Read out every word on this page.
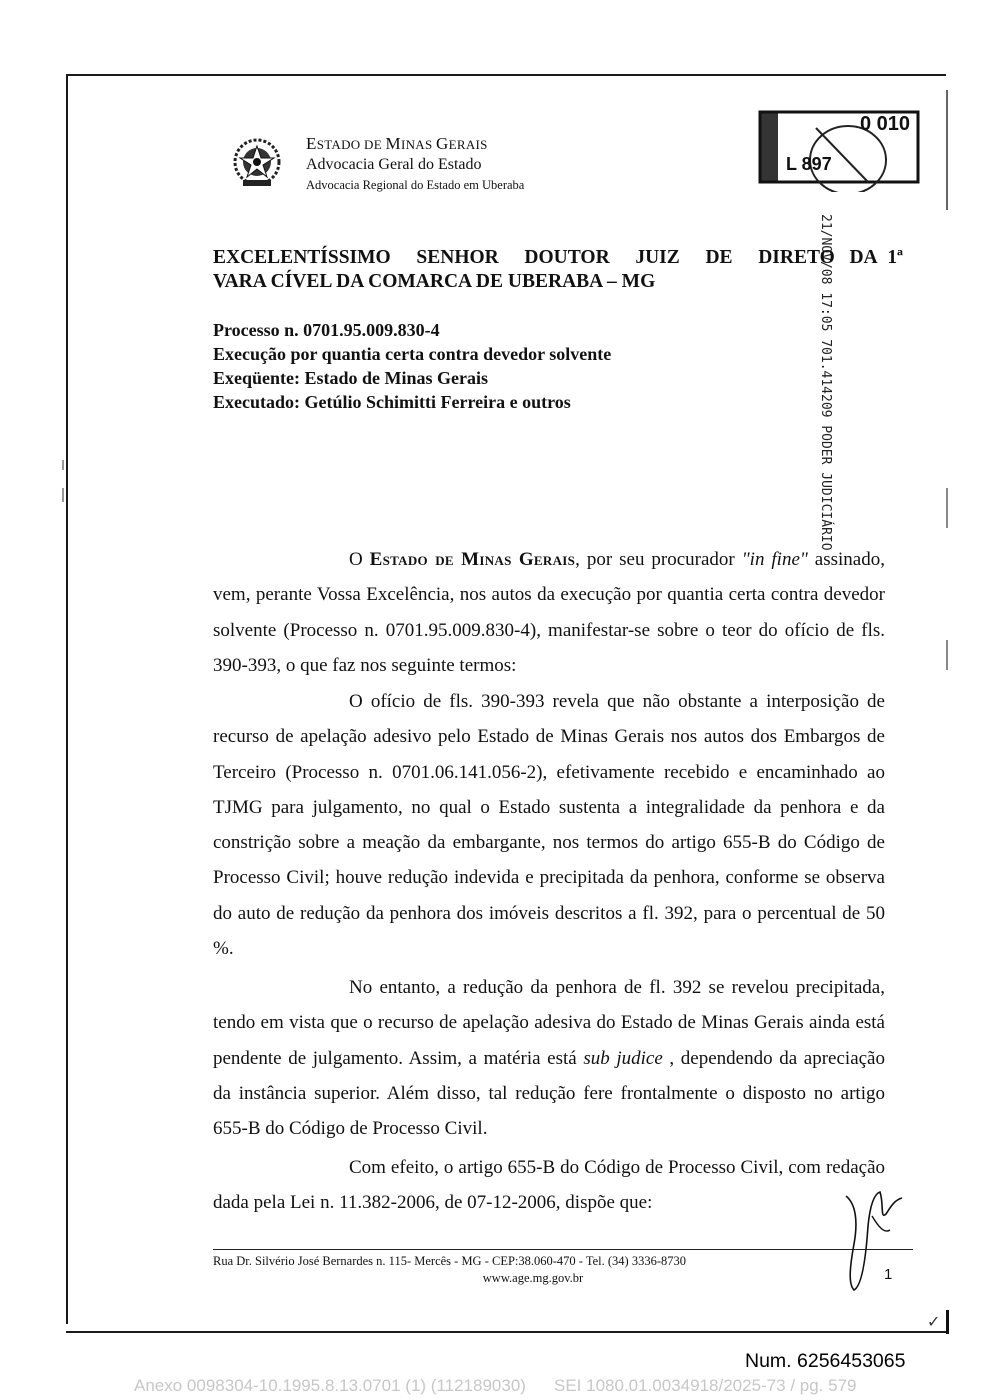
ESTADO DE MINAS GERAIS
Advocacia Geral do Estado
Advocacia Regional do Estado em Uberaba
0 010
L 897
21/NOV/08 17:05 701.414209 PODER JUDICIÁRIO
EXCELENTÍSSIMO SENHOR DOUTOR JUIZ DE DIRETO DA 1ª
VARA CÍVEL DA COMARCA DE UBERABA – MG
Processo n. 0701.95.009.830-4
Execução por quantia certa contra devedor solvente
Exeqüente: Estado de Minas Gerais
Executado: Getúlio Schimitti Ferreira e outros
O Estado de Minas Gerais, por seu procurador "in fine" assinado, vem, perante Vossa Excelência, nos autos da execução por quantia certa contra devedor solvente (Processo n. 0701.95.009.830-4), manifestar-se sobre o teor do ofício de fls. 390-393, o que faz nos seguinte termos:
O ofício de fls. 390-393 revela que não obstante a interposição de recurso de apelação adesivo pelo Estado de Minas Gerais nos autos dos Embargos de Terceiro (Processo n. 0701.06.141.056-2), efetivamente recebido e encaminhado ao TJMG para julgamento, no qual o Estado sustenta a integralidade da penhora e da constrição sobre a meação da embargante, nos termos do artigo 655-B do Código de Processo Civil; houve redução indevida e precipitada da penhora, conforme se observa do auto de redução da penhora dos imóveis descritos a fl. 392, para o percentual de 50 %.
No entanto, a redução da penhora de fl. 392 se revelou precipitada, tendo em vista que o recurso de apelação adesiva do Estado de Minas Gerais ainda está pendente de julgamento. Assim, a matéria está sub judice , dependendo da apreciação da instância superior. Além disso, tal redução fere frontalmente o disposto no artigo 655-B do Código de Processo Civil.
Com efeito, o artigo 655-B do Código de Processo Civil, com redação dada pela Lei n. 11.382-2006, de 07-12-2006, dispõe que:
Rua Dr. Silvério José Bernardes n. 115- Mercês - MG - CEP:38.060-470 - Tel. (34) 3336-8730
www.age.mg.gov.br	1
✓
Num. 6256453065
Anexo 0098304-10.1995.8.13.0701 (1) (112189030) SEI 1080.01.0034918/2025-73 / pg. 579
